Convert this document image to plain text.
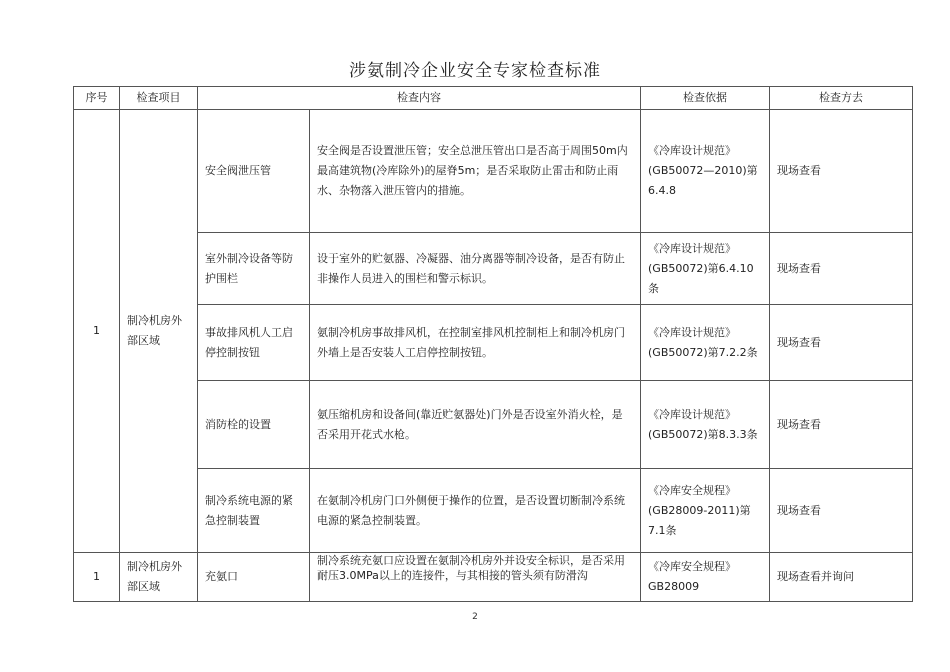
涉氨制冷企业安全专家检查标准
序号	检查项目	检查内容		检查依据	检查方去
1	制冷机房外部区域	安全阀泄压管	安全阀是否设置泄压管；安全总泄压管出口是否高于周围50m内最高建筑物(冷库除外)的屋脊5m；是否采取防止雷击和防止雨水、杂物落入泄压管内的措施。	《冷库设计规范》(GB50072—2010)第6.4.8	现场查看
		室外制冷设备等防护围栏	设于室外的贮氨器、冷凝器、油分离器等制冷设备，是否有防止非操作人员进入的围栏和警示标识。	《冷库设计规范》(GB50072)第6.4.10条	现场查看
		事故排风机人工启停控制按钮	氨制冷机房事故排风机，在控制室排风机控制柜上和制冷机房门外墙上是否安装人工启停控制按钮。	《冷库设计规范》(GB50072)第7.2.2条	现场查看
		消防栓的设置	氨压缩机房和设备间(靠近贮氨器处)门外是否设室外消火栓，是否采用开花式水枪。	《冷库设计规范》(GB50072)第8.3.3条	现场查看
		制冷系统电源的紧急控制装置	在氨制冷机房门口外侧便于操作的位置，是否设置切断制冷系统电源的紧急控制装置。	《冷库安全规程》(GB28009-2011)第7.1条	现场查看
1	制冷机房外部区域	充氨口	制冷系统充氨口应设置在氨制冷机房外并设安全标识，是否采用耐压3.0MPa以上的连接件，与其相接的管头须有防滑沟	《冷库安全规程》GB28009	现场查看并询问
2
